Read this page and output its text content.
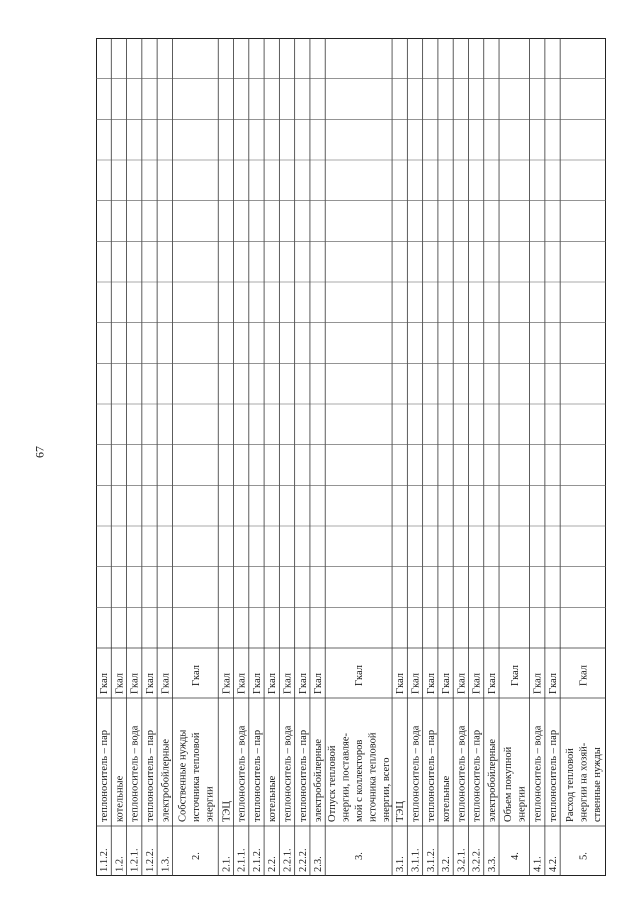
67
1.1.2.
теплоноситель – пар
Гкал
1.2.
котельные
Гкал
1.2.1.
теплоноситель – вода
Гкал
1.2.2.
теплоноситель – пар
Гкал
1.3.
электробойлерные
Гкал
2.
Собственные нужды источника тепловой энергии
Гкал
2.1.
ТЭЦ
Гкал
2.1.1.
теплоноситель – вода
Гкал
2.1.2.
теплоноситель – пар
Гкал
2.2.
котельные
Гкал
2.2.1.
теплоноситель – вода
Гкал
2.2.2.
теплоноситель – пар
Гкал
2.3.
электробойлерные
Гкал
3.
Отпуск тепловой энергии, поставляе- мой с коллекторов источника тепловой энергии, всего
Гкал
3.1.
ТЭЦ
Гкал
3.1.1.
теплоноситель – вода
Гкал
3.1.2.
теплоноситель – пар
Гкал
3.2.
котельные
Гкал
3.2.1.
теплоноситель – вода
Гкал
3.2.2.
теплоноситель – пар
Гкал
3.3.
электробойлерные
Гкал
4.
Объем покупной энергии
Гкал
4.1.
теплоноситель – вода
Гкал
4.2.
теплоноситель – пар
Гкал
5.
Расход тепловой энергии на хозяй- ственные нужды
Гкал
